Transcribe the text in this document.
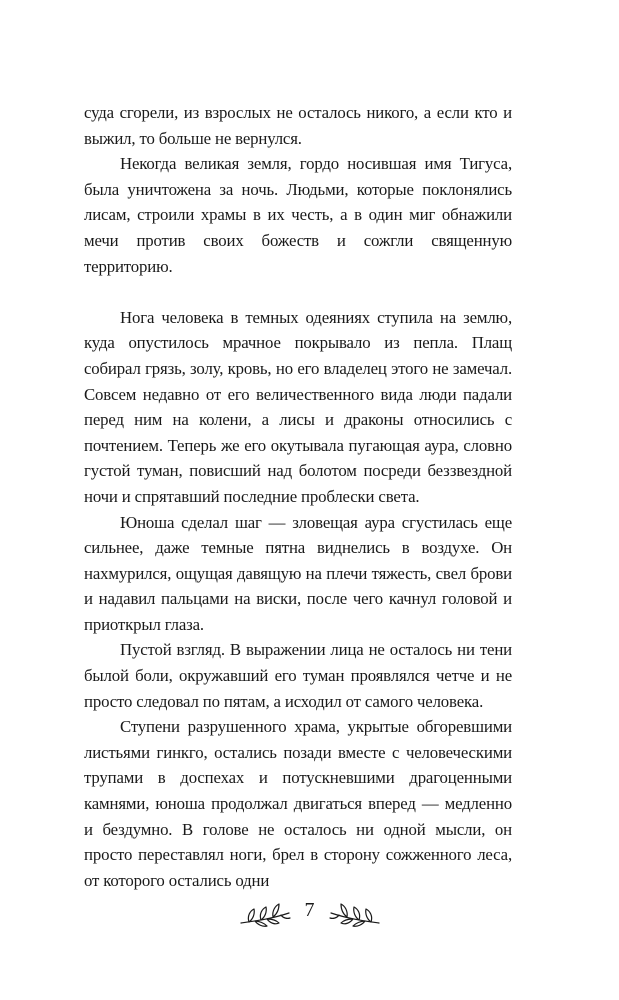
суда сгорели, из взрослых не осталось никого, а если кто и выжил, то больше не вернулся.

Некогда великая земля, гордо носившая имя Тигуса, была уничтожена за ночь. Людьми, которые поклонялись лисам, строили храмы в их честь, а в один миг обнажили мечи против своих божеств и сожгли священную территорию.

Нога человека в темных одеяниях ступила на землю, куда опустилось мрачное покрывало из пепла. Плащ собирал грязь, золу, кровь, но его владелец этого не замечал. Совсем недавно от его величественного вида люди падали перед ним на колени, а лисы и драконы относились с почтением. Теперь же его окутывала пугающая аура, словно густой туман, повисший над болотом посреди беззвездной ночи и спрятавший последние проблески света.

Юноша сделал шаг — зловещая аура сгустилась еще сильнее, даже темные пятна виднелись в воздухе. Он нахмурился, ощущая давящую на плечи тяжесть, свел брови и надавил пальцами на виски, после чего качнул головой и приоткрыл глаза.

Пустой взгляд. В выражении лица не осталось ни тени былой боли, окружавший его туман проявлялся четче и не просто следовал по пятам, а исходил от самого человека.

Ступени разрушенного храма, укрытые обгоревшими листьями гинкго, остались позади вместе с человеческими трупами в доспехах и потускневшими драгоценными камнями, юноша продолжал двигаться вперед — медленно и бездумно. В голове не осталось ни одной мысли, он просто переставлял ноги, брел в сторону сожженного леса, от которого остались одни

7
